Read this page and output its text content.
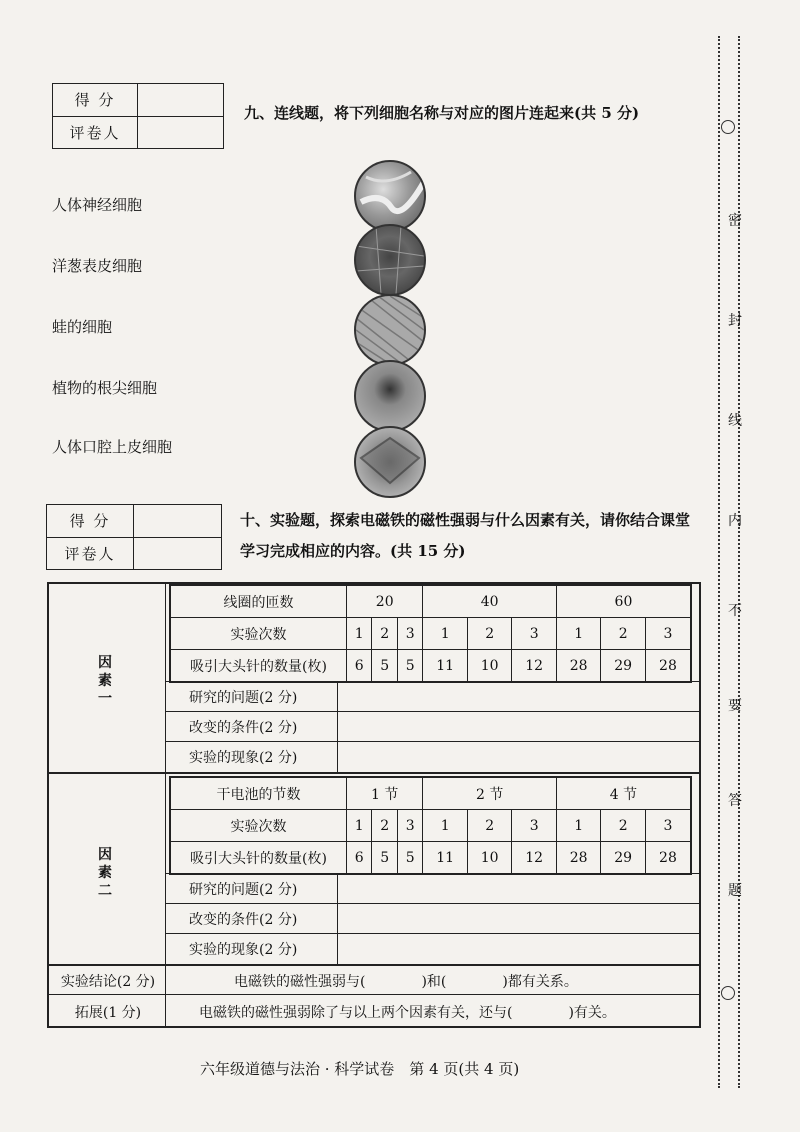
密
封
线
内
不
要
答
题
得 分	
评卷人	
九、连线题，将下列细胞名称与对应的图片连起来(共 5 分)
人体神经细胞
洋葱表皮细胞
蛙的细胞
植物的根尖细胞
人体口腔上皮细胞
得 分	
评卷人	
十、实验题，探索电磁铁的磁性强弱与什么因素有关，请你结合课堂
学习完成相应的内容。(共 15 分)
因素一
线圈的匝数	20			40			60		
实验次数	1	2	3	1	2	3	1	2	3
吸引大头针的数量(枚)	6	5	5	11	10	12	28	29	28
研究的问题(2 分)
改变的条件(2 分)
实验的现象(2 分)
因素二
干电池的节数	1 节			2 节			4 节		
实验次数	1	2	3	1	2	3	1	2	3
吸引大头针的数量(枚)	6	5	5	11	10	12	28	29	28
研究的问题(2 分)
改变的条件(2 分)
实验的现象(2 分)
实验结论(2 分)	电磁铁的磁性强弱与(　　　　)和(　　　　)都有关系。
拓展(1 分)	电磁铁的磁性强弱除了与以上两个因素有关，还与(　　　　)有关。
六年级道德与法治 · 科学试卷　第 4 页(共 4 页)
